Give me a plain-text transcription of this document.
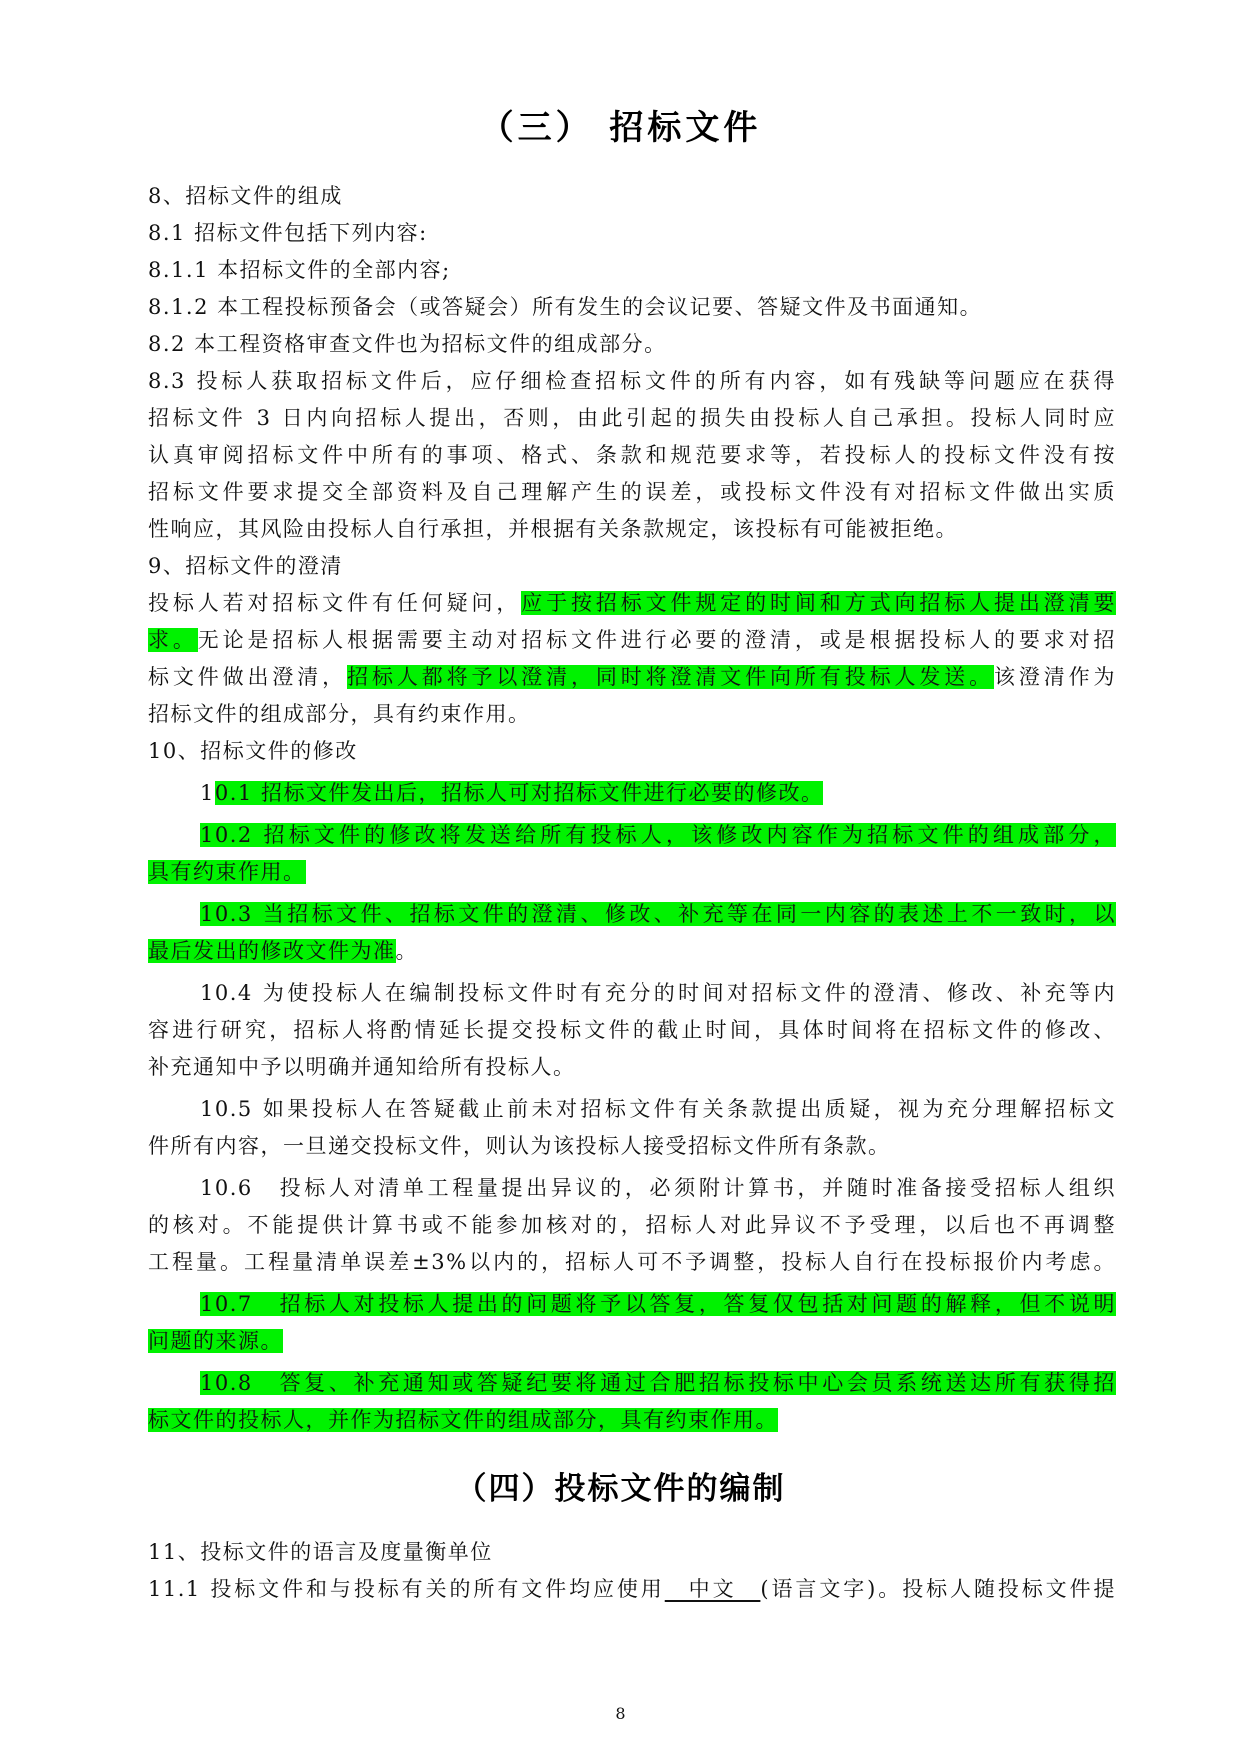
（三） 招标文件
8、招标文件的组成
8.1 招标文件包括下列内容:
8.1.1 本招标文件的全部内容;
8.1.2 本工程投标预备会（或答疑会）所有发生的会议记要、答疑文件及书面通知。
8.2 本工程资格审查文件也为招标文件的组成部分。
8.3 投标人获取招标文件后，应仔细检查招标文件的所有内容，如有残缺等问题应在获得
招标文件 3 日内向招标人提出，否则，由此引起的损失由投标人自己承担。投标人同时应
认真审阅招标文件中所有的事项、格式、条款和规范要求等，若投标人的投标文件没有按
招标文件要求提交全部资料及自己理解产生的误差，或投标文件没有对招标文件做出实质
性响应，其风险由投标人自行承担，并根据有关条款规定，该投标有可能被拒绝。
9、招标文件的澄清
投标人若对招标文件有任何疑问，应于按招标文件规定的时间和方式向招标人提出澄清要
求。无论是招标人根据需要主动对招标文件进行必要的澄清，或是根据投标人的要求对招
标文件做出澄清，招标人都将予以澄清，同时将澄清文件向所有投标人发送。该澄清作为
招标文件的组成部分，具有约束作用。
10、招标文件的修改
10.1 招标文件发出后，招标人可对招标文件进行必要的修改。
10.2 招标文件的修改将发送给所有投标人，该修改内容作为招标文件的组成部分，
具有约束作用。
10.3 当招标文件、招标文件的澄清、修改、补充等在同一内容的表述上不一致时，以
最后发出的修改文件为准。
10.4 为使投标人在编制投标文件时有充分的时间对招标文件的澄清、修改、补充等内
容进行研究，招标人将酌情延长提交投标文件的截止时间，具体时间将在招标文件的修改、
补充通知中予以明确并通知给所有投标人。
10.5 如果投标人在答疑截止前未对招标文件有关条款提出质疑，视为充分理解招标文
件所有内容，一旦递交投标文件，则认为该投标人接受招标文件所有条款。
10.6　投标人对清单工程量提出异议的，必须附计算书，并随时准备接受招标人组织
的核对。不能提供计算书或不能参加核对的，招标人对此异议不予受理，以后也不再调整
工程量。工程量清单误差±3%以内的，招标人可不予调整，投标人自行在投标报价内考虑。
10.7　招标人对投标人提出的问题将予以答复，答复仅包括对问题的解释，但不说明
问题的来源。
10.8　答复、补充通知或答疑纪要将通过合肥招标投标中心会员系统送达所有获得招
标文件的投标人，并作为招标文件的组成部分，具有约束作用。
（四）投标文件的编制
11、投标文件的语言及度量衡单位
11.1 投标文件和与投标有关的所有文件均应使用　中文　(语言文字)。投标人随投标文件提
8
